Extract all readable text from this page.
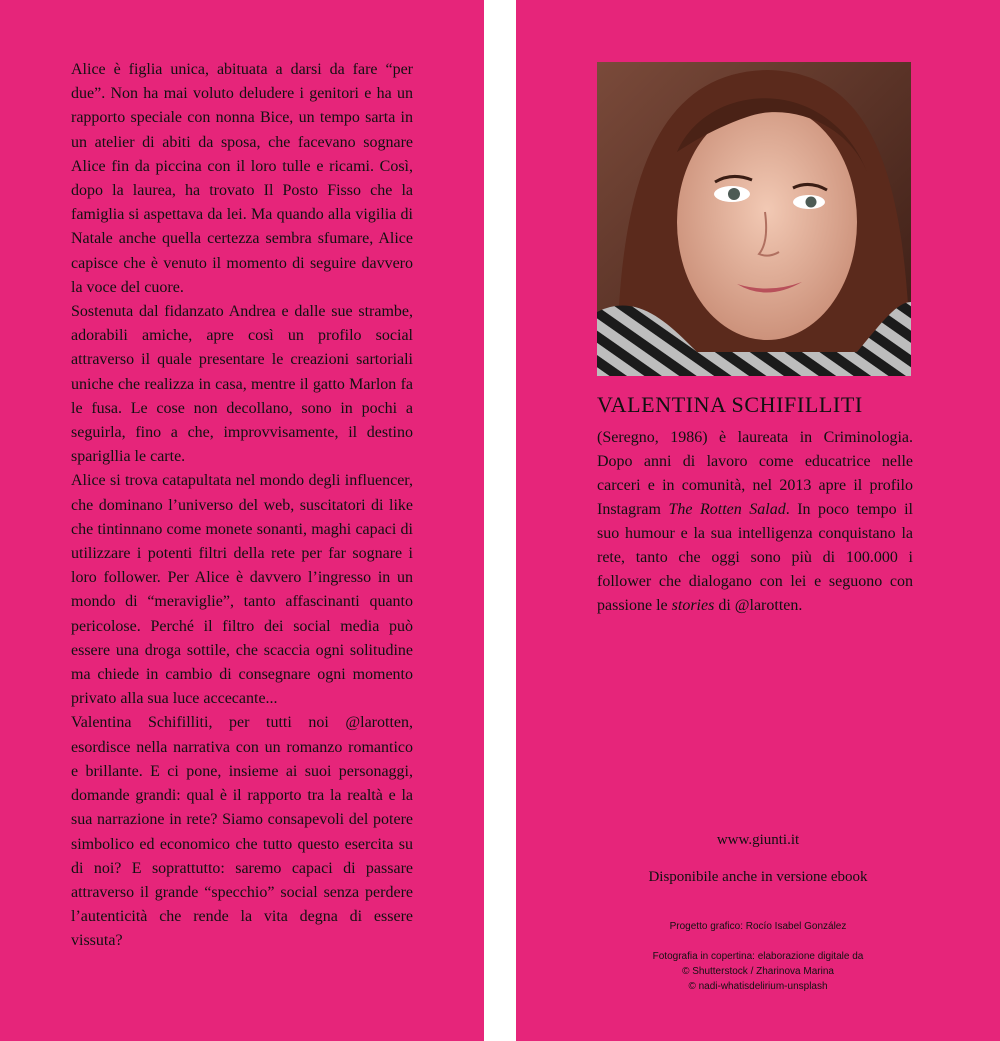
Alice è figlia unica, abituata a darsi da fare “per due”. Non ha mai voluto deludere i genitori e ha un rapporto speciale con nonna Bice, un tempo sarta in un atelier di abiti da sposa, che facevano sognare Alice fin da piccina con il loro tulle e ricami. Così, dopo la laurea, ha trovato Il Posto Fisso che la famiglia si aspettava da lei. Ma quando alla vigilia di Natale anche quella certezza sembra sfumare, Alice capisce che è venuto il momento di seguire davvero la voce del cuore.

Sostenuta dal fidanzato Andrea e dalle sue strambe, adorabili amiche, apre così un profilo social attraverso il quale presentare le creazioni sartoriali uniche che realizza in casa, mentre il gatto Marlon fa le fusa. Le cose non decollano, sono in pochi a seguirla, fino a che, improvvisamente, il destino sparigllia le carte.

Alice si trova catapultata nel mondo degli influencer, che dominano l’universo del web, suscitatori di like che tintinnano come monete sonanti, maghi capaci di utilizzare i potenti filtri della rete per far sognare i loro follower. Per Alice è davvero l’ingresso in un mondo di “meraviglie”, tanto affascinanti quanto pericolose. Perché il filtro dei social media può essere una droga sottile, che scaccia ogni solitudine ma chiede in cambio di consegnare ogni momento privato alla sua luce accecante...

Valentina Schifilliti, per tutti noi @larotten, esordisce nella narrativa con un romanzo romantico e brillante. E ci pone, insieme ai suoi personaggi, domande grandi: qual è il rapporto tra la realtà e la sua narrazione in rete? Siamo consapevoli del potere simbolico ed economico che tutto questo esercita su di noi? E soprattutto: saremo capaci di passare attraverso il grande “specchio” social senza perdere l’autenticità che rende la vita degna di essere vissuta?

VALENTINA SCHIFILLITI

(Seregno, 1986) è laureata in Criminologia. Dopo anni di lavoro come educatrice nelle carceri e in comunità, nel 2013 apre il profilo Instagram The Rotten Salad. In poco tempo il suo humour e la sua intelligenza conquistano la rete, tanto che oggi sono più di 100.000 i follower che dialogano con lei e seguono con passione le stories di @larotten.

www.giunti.it
Disponibile anche in versione ebook
Progetto grafico: Rocío Isabel González
Fotografia in copertina: elaborazione digitale da
© Shutterstock / Zharinova Marina
© nadi-whatisdelirium-unsplash
